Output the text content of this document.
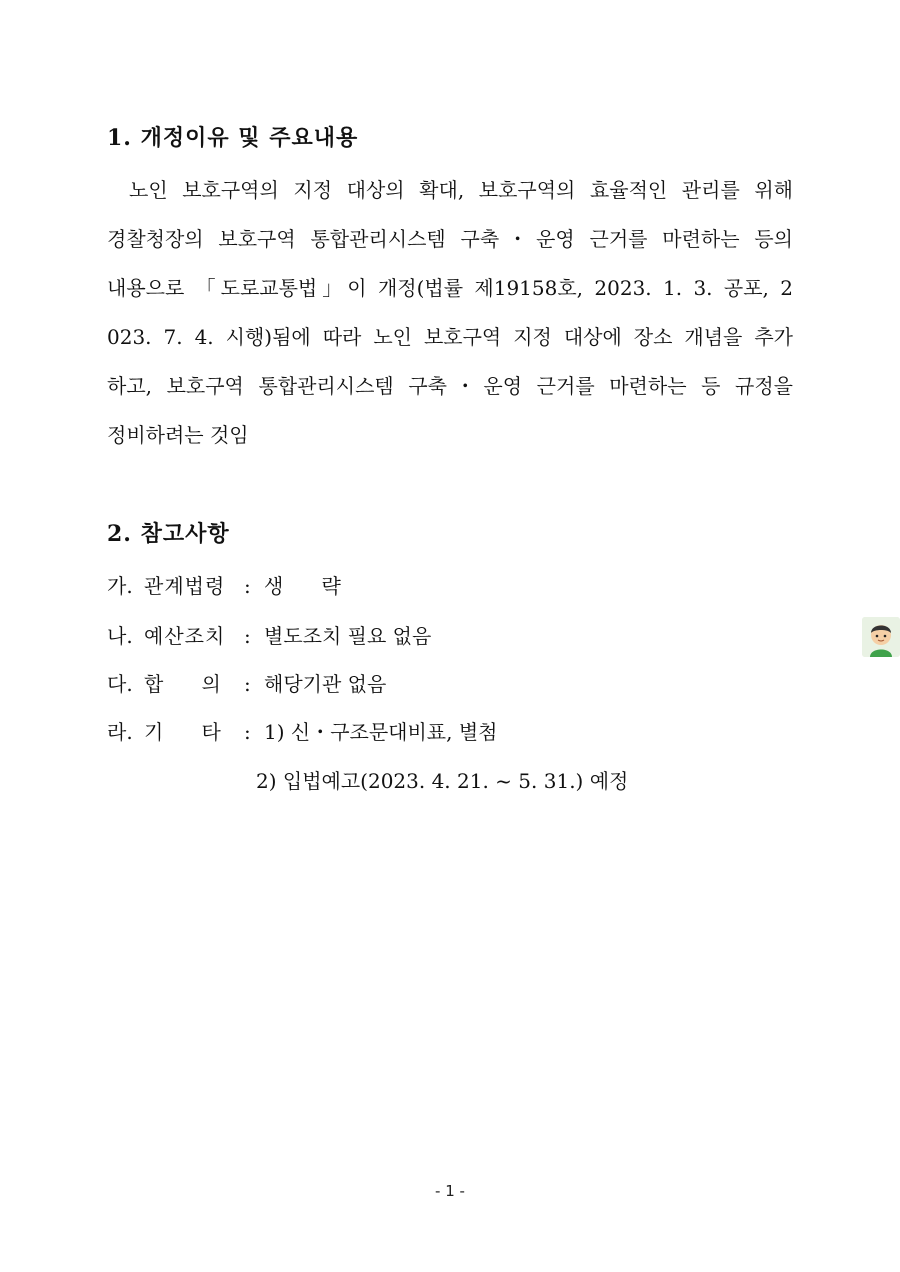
1. 개정이유 및 주요내용
노인 보호구역의 지정 대상의 확대, 보호구역의 효율적인 관리를 위해
경찰청장의 보호구역 통합관리시스템 구축・운영 근거를 마련하는 등의
내용으로 「도로교통법」이 개정(법률 제19158호, 2023. 1. 3. 공포, 2
023. 7. 4. 시행)됨에 따라 노인 보호구역 지정 대상에 장소 개념을 추가
하고, 보호구역 통합관리시스템 구축・운영 근거를 마련하는 등 규정을
정비하려는 것임
2. 참고사항
가. 관계법령 : 생      략
나. 예산조치 : 별도조치 필요 없음
다. 합      의 : 해당기관 없음
라. 기      타 : 1) 신・구조문대비표, 별첨
2) 입법예고(2023. 4. 21. ~ 5. 31.) 예정
- 1 -
